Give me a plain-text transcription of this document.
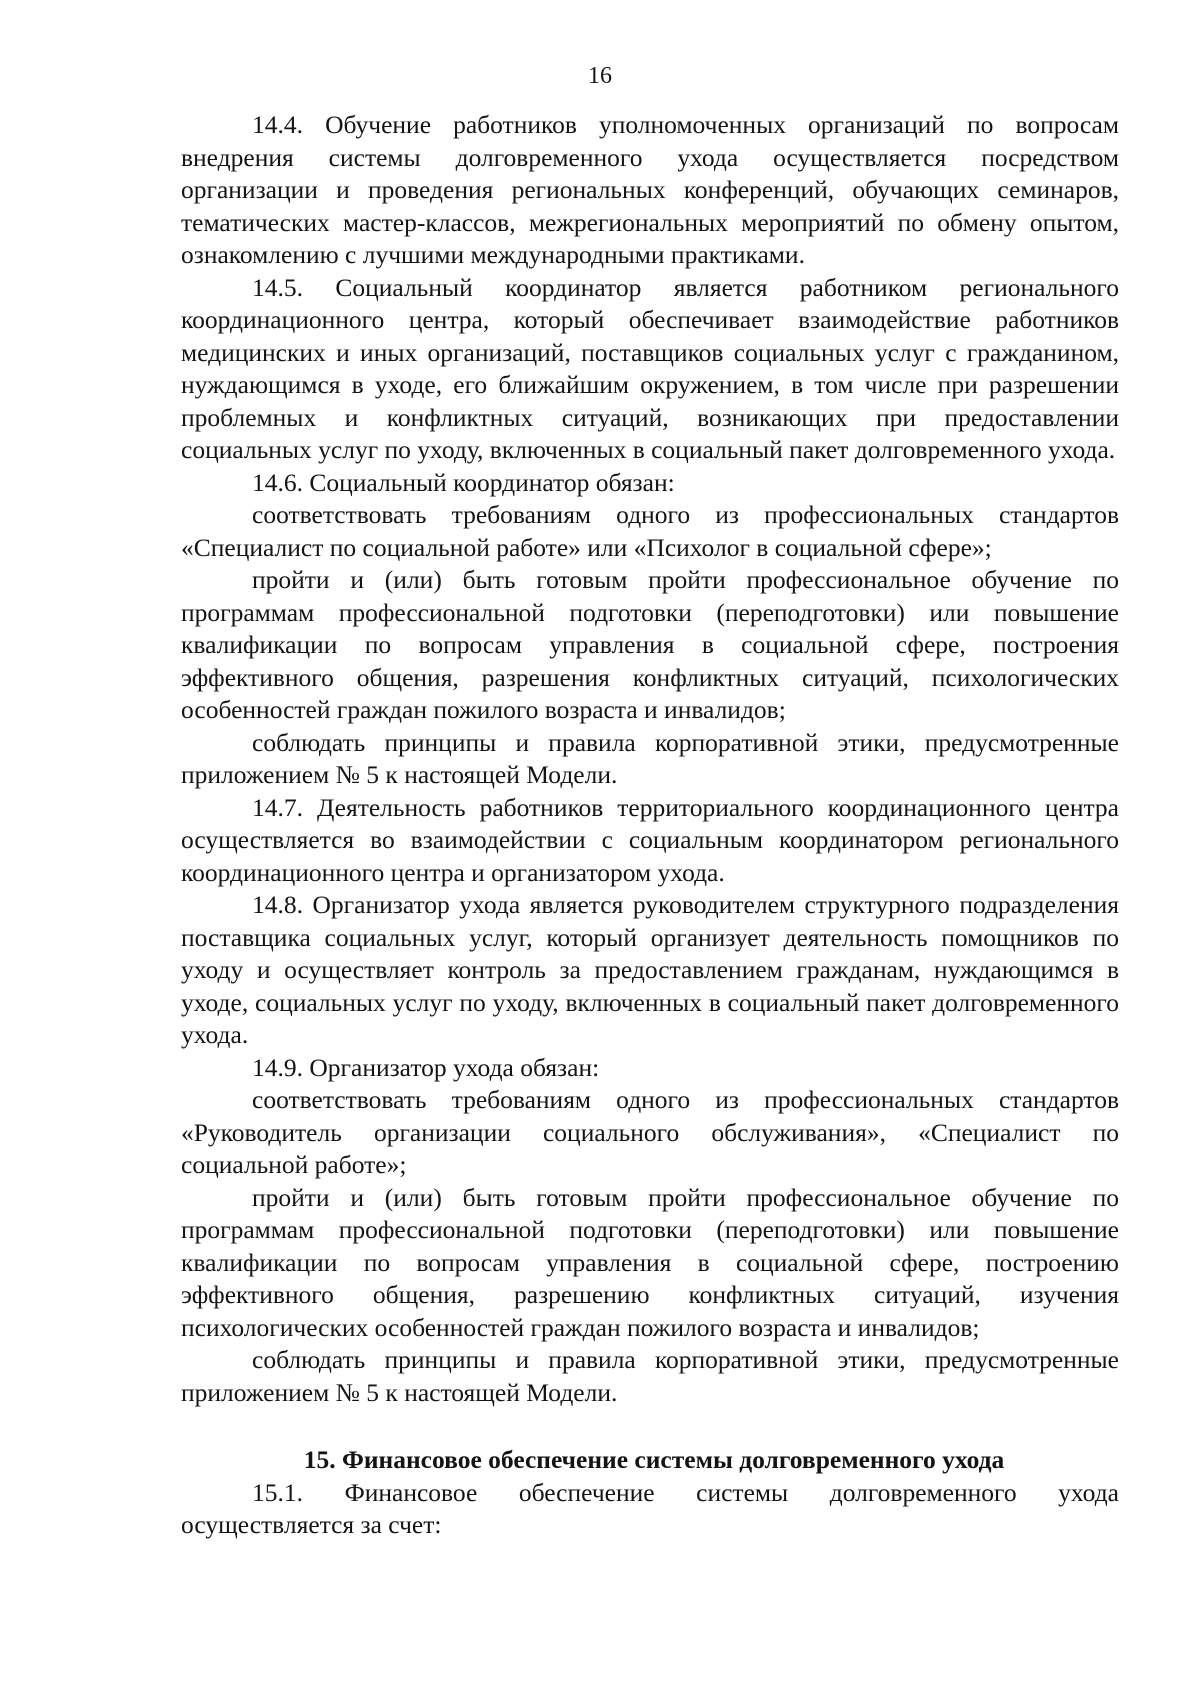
16

14.4. Обучение работников уполномоченных организаций по вопросам внедрения системы долговременного ухода осуществляется посредством организации и проведения региональных конференций, обучающих семинаров, тематических мастер-классов, межрегиональных мероприятий по обмену опытом, ознакомлению с лучшими международными практиками.

14.5. Социальный координатор является работником регионального координационного центра, который обеспечивает взаимодействие работников медицинских и иных организаций, поставщиков социальных услуг с гражданином, нуждающимся в уходе, его ближайшим окружением, в том числе при разрешении проблемных и конфликтных ситуаций, возникающих при предоставлении социальных услуг по уходу, включенных в социальный пакет долговременного ухода.

14.6. Социальный координатор обязан:

соответствовать требованиям одного из профессиональных стандартов «Специалист по социальной работе» или «Психолог в социальной сфере»;

пройти и (или) быть готовым пройти профессиональное обучение по программам профессиональной подготовки (переподготовки) или повышение квалификации по вопросам управления в социальной сфере, построения эффективного общения, разрешения конфликтных ситуаций, психологических особенностей граждан пожилого возраста и инвалидов;

соблюдать принципы и правила корпоративной этики, предусмотренные приложением № 5 к настоящей Модели.

14.7. Деятельность работников территориального координационного центра осуществляется во взаимодействии с социальным координатором регионального координационного центра и организатором ухода.

14.8. Организатор ухода является руководителем структурного подразделения поставщика социальных услуг, который организует деятельность помощников по уходу и осуществляет контроль за предоставлением гражданам, нуждающимся в уходе, социальных услуг по уходу, включенных в социальный пакет долговременного ухода.

14.9. Организатор ухода обязан:

соответствовать требованиям одного из профессиональных стандартов «Руководитель организации социального обслуживания», «Специалист по социальной работе»;

пройти и (или) быть готовым пройти профессиональное обучение по программам профессиональной подготовки (переподготовки) или повышение квалификации по вопросам управления в социальной сфере, построению эффективного общения, разрешению конфликтных ситуаций, изучения психологических особенностей граждан пожилого возраста и инвалидов;

соблюдать принципы и правила корпоративной этики, предусмотренные приложением № 5 к настоящей Модели.

15. Финансовое обеспечение системы долговременного ухода

15.1. Финансовое обеспечение системы долговременного ухода осуществляется за счет:
